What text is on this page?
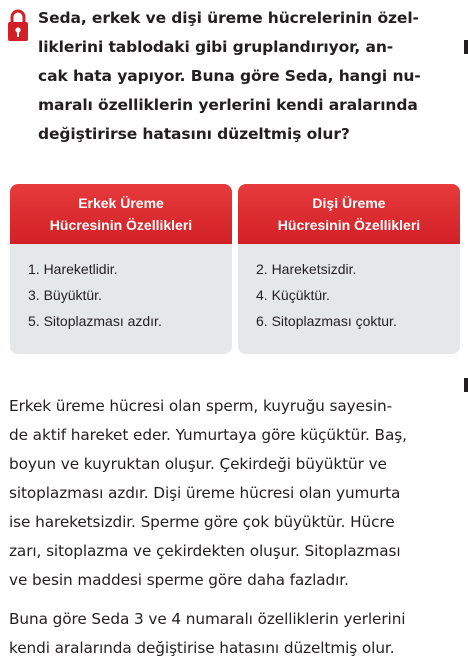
Seda, erkek ve dişi üreme hücrelerinin özel-
liklerini tablodaki gibi gruplandırıyor, an-
cak hata yapıyor. Buna göre Seda, hangi nu-
maralı özelliklerin yerlerini kendi aralarında
değiştirirse hatasını düzeltmiş olur?
Erkek Üreme
Hücresinin Özellikleri
1. Hareketlidir.
3. Büyüktür.
5. Sitoplazması azdır.
Dişi Üreme
Hücresinin Özellikleri
2. Hareketsizdir.
4. Küçüktür.
6. Sitoplazması çoktur.
Erkek üreme hücresi olan sperm, kuyruğu sayesin-
de aktif hareket eder. Yumurtaya göre küçüktür. Baş,
boyun ve kuyruktan oluşur. Çekirdeği büyüktür ve
sitoplazması azdır. Dişi üreme hücresi olan yumurta
ise hareketsizdir. Sperme göre çok büyüktür. Hücre
zarı, sitoplazma ve çekirdekten oluşur. Sitoplazması
ve besin maddesi sperme göre daha fazladır.
Buna göre Seda 3 ve 4 numaralı özelliklerin yerlerini
kendi aralarında değiştirise hatasını düzeltmiş olur.
